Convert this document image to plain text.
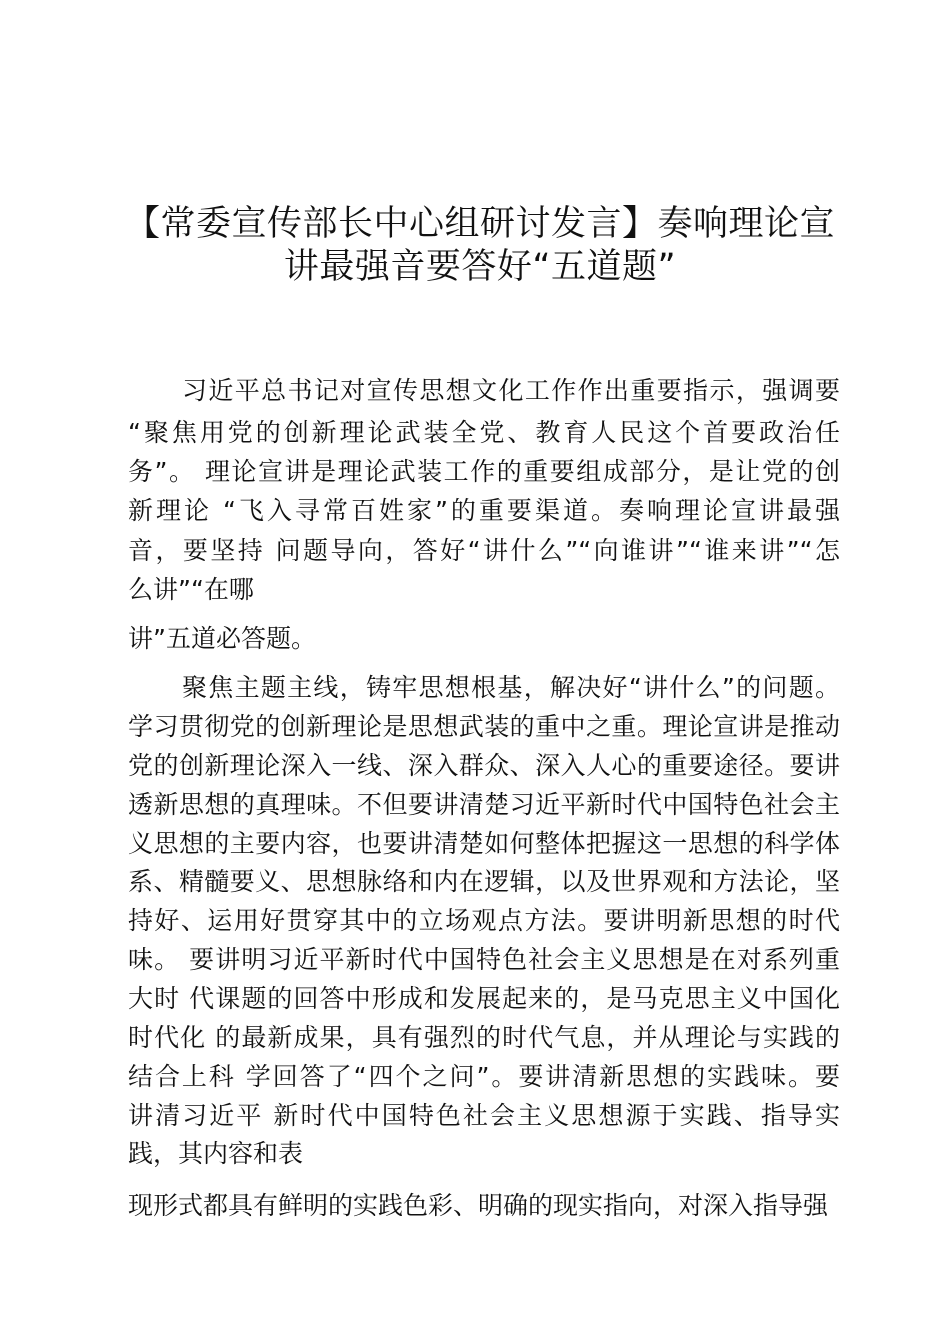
【常委宣传部长中心组研讨发言】奏响理论宣
讲最强音要答好“五道题”

习近平总书记对宣传思想文化工作作出重要指示，强调要

“聚焦用党的创新理论武装全党、教育人民这个首要政治任

务”。 理论宣讲是理论武装工作的重要组成部分，是让党的创

新理论 “飞入寻常百姓家”的重要渠道。奏响理论宣讲最强

音，要坚持 问题导向，答好“讲什么”“向谁讲”“谁来讲”“怎

么讲”“在哪

讲”五道必答题。

聚焦主题主线，铸牢思想根基，解决好“讲什么”的问题。

学习贯彻党的创新理论是思想武装的重中之重。理论宣讲是推动

党的创新理论深入一线、深入群众、深入人心的重要途径。要讲

透新思想的真理味。不但要讲清楚习近平新时代中国特色社会主

义思想的主要内容，也要讲清楚如何整体把握这一思想的科学体

系、精髓要义、思想脉络和内在逻辑，以及世界观和方法论，坚

持好、运用好贯穿其中的立场观点方法。要讲明新思想的时代

味。 要讲明习近平新时代中国特色社会主义思想是在对系列重

大时 代课题的回答中形成和发展起来的，是马克思主义中国化

时代化 的最新成果，具有强烈的时代气息，并从理论与实践的

结合上科 学回答了“四个之问”。要讲清新思想的实践味。要

讲清习近平 新时代中国特色社会主义思想源于实践、指导实

践，其内容和表

现形式都具有鲜明的实践色彩、明确的现实指向，对深入指导强
